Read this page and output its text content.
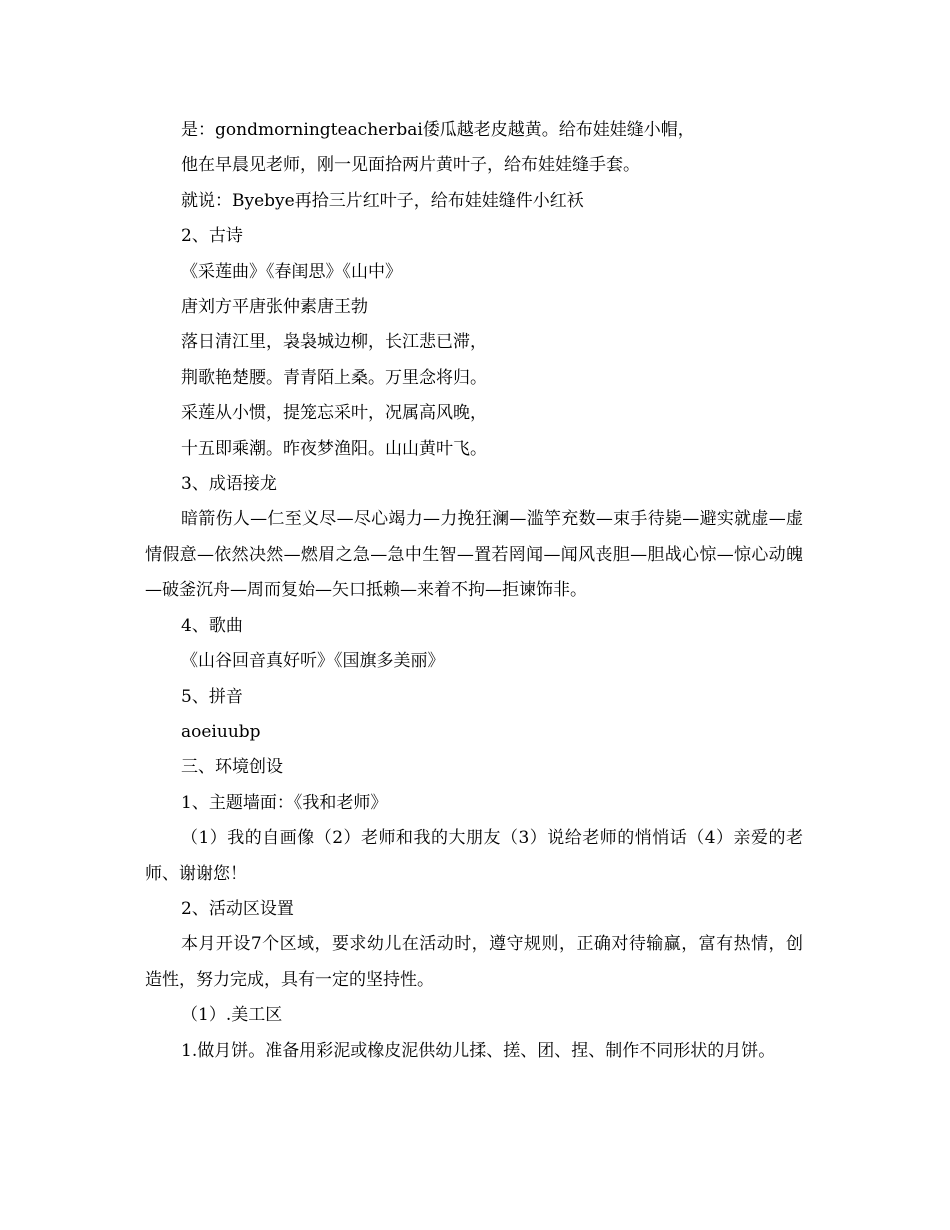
是：gondmorningteacherbai倭瓜越老皮越黄。给布娃娃缝小帽，
他在早晨见老师，刚一见面拾两片黄叶子，给布娃娃缝手套。
就说：Byebye再拾三片红叶子，给布娃娃缝件小红袄
2、古诗
《采莲曲》《春闺思》《山中》
唐刘方平唐张仲素唐王勃
落日清江里，袅袅城边柳，长江悲已滞，
荆歌艳楚腰。青青陌上桑。万里念将归。
采莲从小惯，提笼忘采叶，况属高风晚，
十五即乘潮。昨夜梦渔阳。山山黄叶飞。
3、成语接龙
暗箭伤人—仁至义尽—尽心竭力—力挽狂澜—滥竽充数—束手待毙—避实就虚—虚情假意—依然决然—燃眉之急—急中生智—置若罔闻—闻风丧胆—胆战心惊—惊心动魄—破釜沉舟—周而复始—矢口抵赖—来着不拘—拒谏饰非。
4、歌曲
《山谷回音真好听》《国旗多美丽》
5、拼音
aoeiuubp
三、环境创设
1、主题墙面：《我和老师》
（1）我的自画像（2）老师和我的大朋友（3）说给老师的悄悄话（4）亲爱的老师、谢谢您！
2、活动区设置
本月开设7个区域，要求幼儿在活动时，遵守规则，正确对待输赢，富有热情，创造性，努力完成，具有一定的坚持性。
（1）.美工区
1.做月饼。准备用彩泥或橡皮泥供幼儿揉、搓、团、捏、制作不同形状的月饼。
